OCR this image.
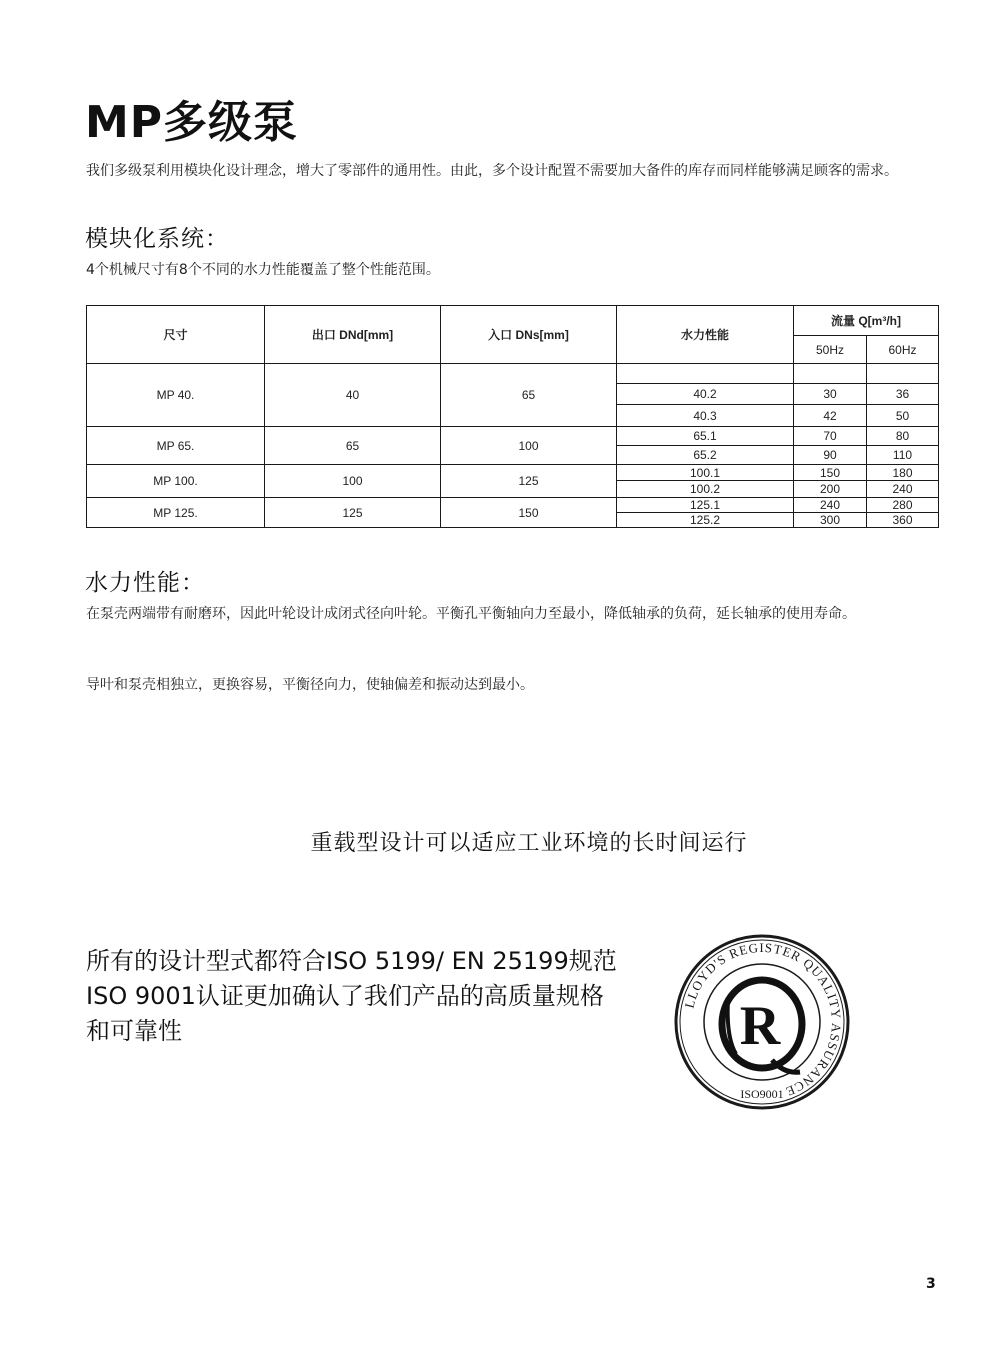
MP多级泵

我们多级泵利用模块化设计理念，增大了零部件的通用性。由此，多个设计配置不需要加大备件的库存而同样能够满足顾客的需求。

模块化系统：

4个机械尺寸有8个不同的水力性能覆盖了整个性能范围。

尺寸	出口 DNd[mm]	入口 DNs[mm]	水力性能	流量 Q[m³/h]	
				50Hz	60Hz
MP 40.	40	65			
			40.2	30	36
			40.3	42	50
MP 65.	65	100	65.1	70	80
			65.2	90	110
MP 100.	100	125	100.1	150	180
			100.2	200	240
MP 125.	125	150	125.1	240	280
			125.2	300	360
水力性能：

在泵壳两端带有耐磨环，因此叶轮设计成闭式径向叶轮。平衡孔平衡轴向力至最小，降低轴承的负荷，延长轴承的使用寿命。

导叶和泵壳相独立，更换容易，平衡径向力，使轴偏差和振动达到最小。

重载型设计可以适应工业环境的长时间运行

所有的设计型式都符合ISO 5199/ EN 25199规范ISO 9001认证更加确认了我们产品的高质量规格和可靠性

LLOYD'S REGISTER QUALITY ASSURANCE
ISO9001
R

3
